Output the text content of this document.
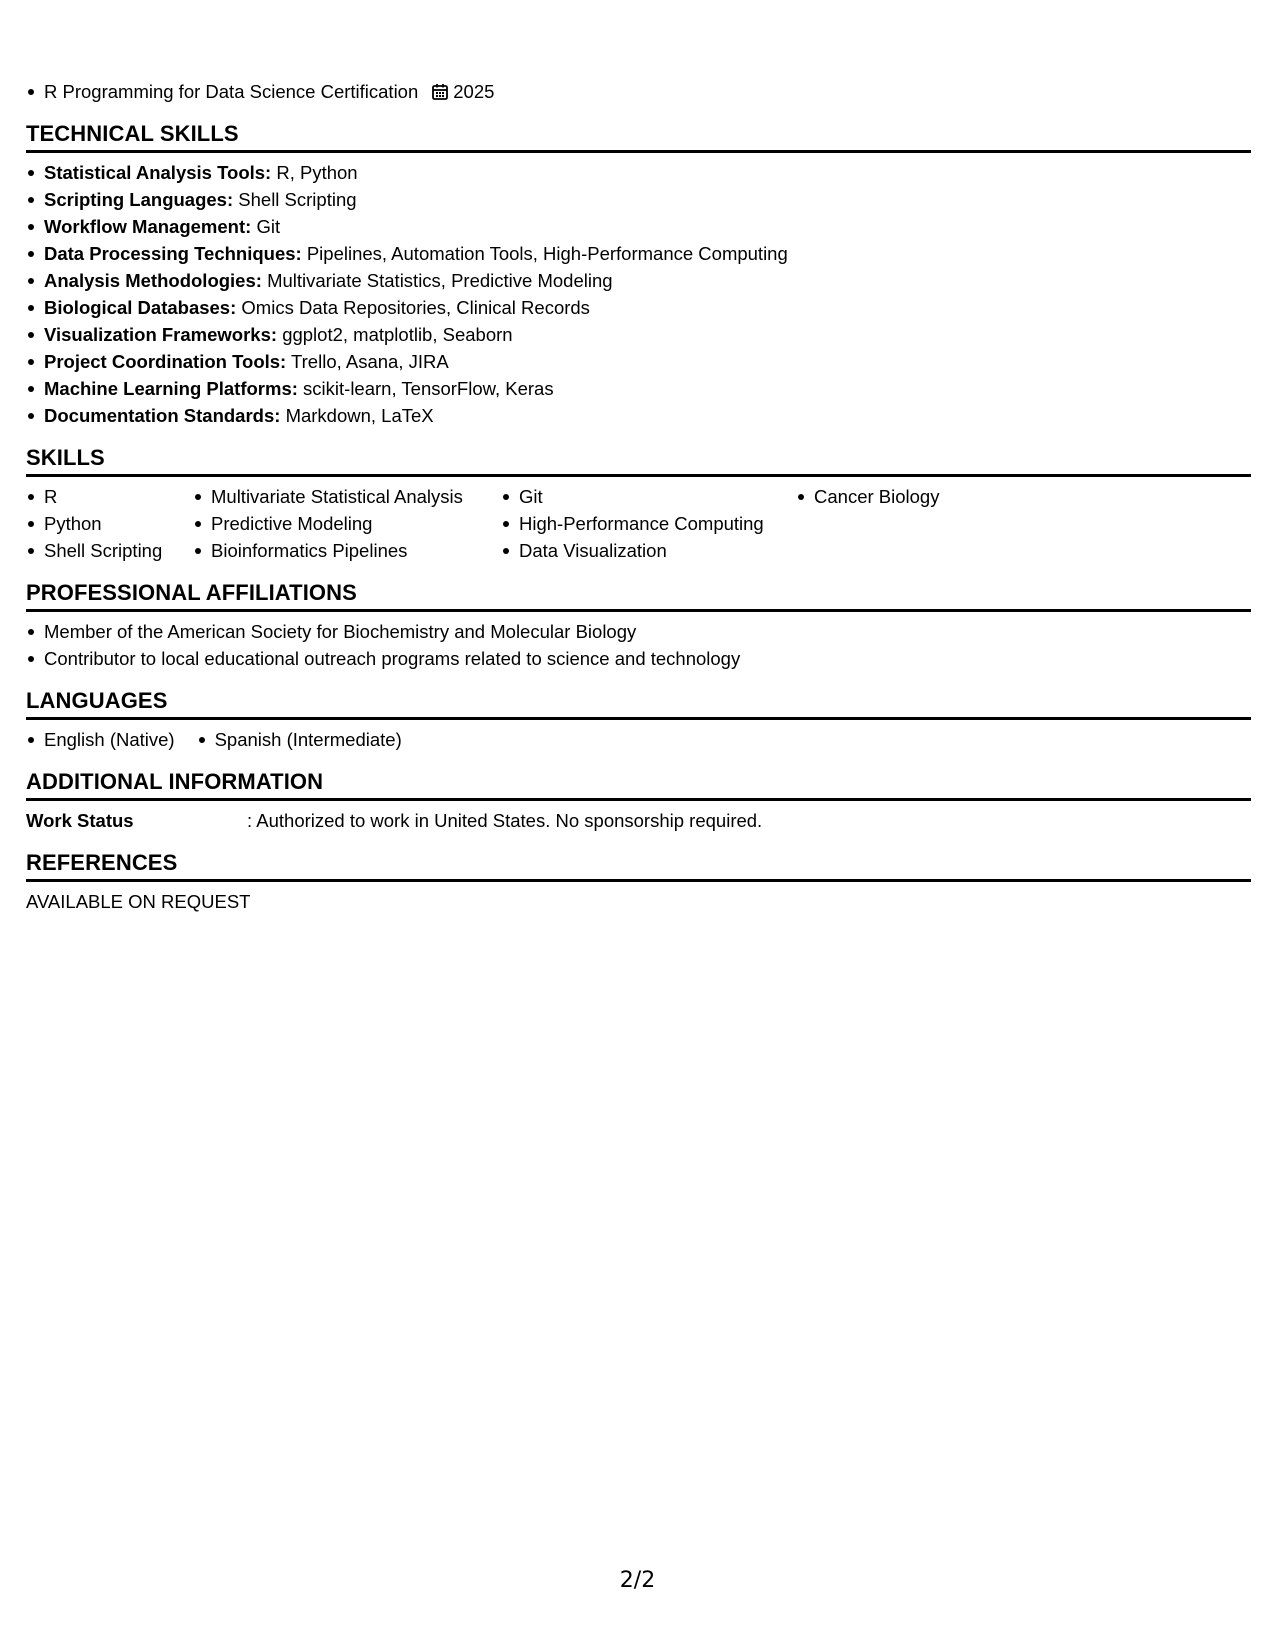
R Programming for Data Science Certification 2025
TECHNICAL SKILLS
Statistical Analysis Tools: R, Python
Scripting Languages: Shell Scripting
Workflow Management: Git
Data Processing Techniques: Pipelines, Automation Tools, High-Performance Computing
Analysis Methodologies: Multivariate Statistics, Predictive Modeling
Biological Databases: Omics Data Repositories, Clinical Records
Visualization Frameworks: ggplot2, matplotlib, Seaborn
Project Coordination Tools: Trello, Asana, JIRA
Machine Learning Platforms: scikit-learn, TensorFlow, Keras
Documentation Standards: Markdown, LaTeX
SKILLS
R
Python
Shell Scripting
Multivariate Statistical Analysis
Predictive Modeling
Bioinformatics Pipelines
Git
High-Performance Computing
Data Visualization
Cancer Biology
PROFESSIONAL AFFILIATIONS
Member of the American Society for Biochemistry and Molecular Biology
Contributor to local educational outreach programs related to science and technology
LANGUAGES
English (Native)	Spanish (Intermediate)
ADDITIONAL INFORMATION
Work Status	: Authorized to work in United States. No sponsorship required.
REFERENCES
AVAILABLE ON REQUEST
2/2
